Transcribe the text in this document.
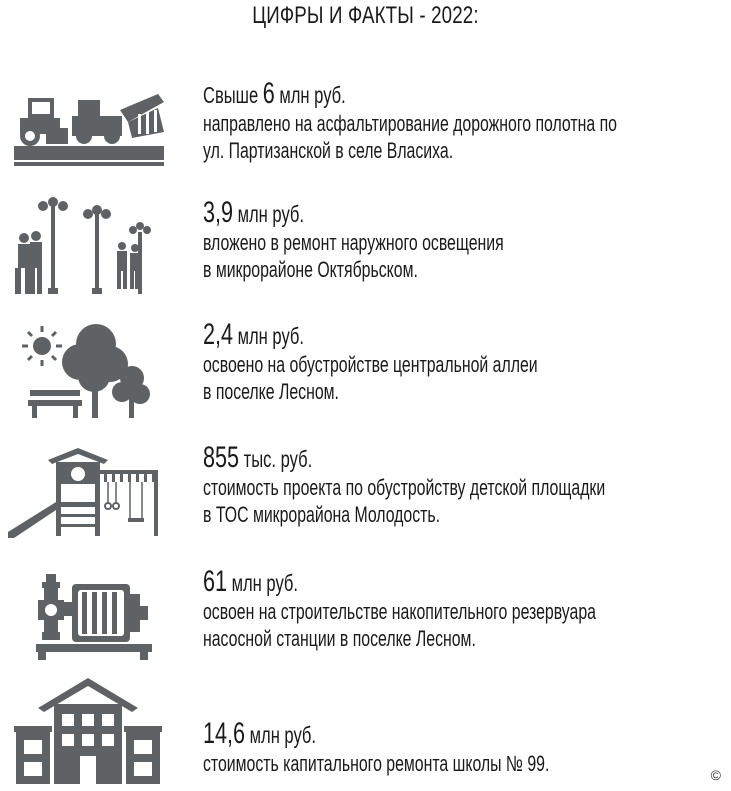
ЦИФРЫ И ФАКТЫ - 2022:
Свыше 6 млн руб.
направлено на асфальтирование дорожного полотна по
ул. Партизанской в селе Власиха.
3,9 млн руб.
вложено в ремонт наружного освещения
в микрорайоне Октябрьском.
2,4 млн руб.
освоено на обустройстве центральной аллеи
в поселке Лесном.
855 тыс. руб.
стоимость проекта по обустройству детской площадки
в ТОС микрорайона Молодость.
61 млн руб.
освоен на строительстве накопительного резервуара
насосной станции в поселке Лесном.
14,6 млн руб.
стоимость капитального ремонта школы № 99.	©
